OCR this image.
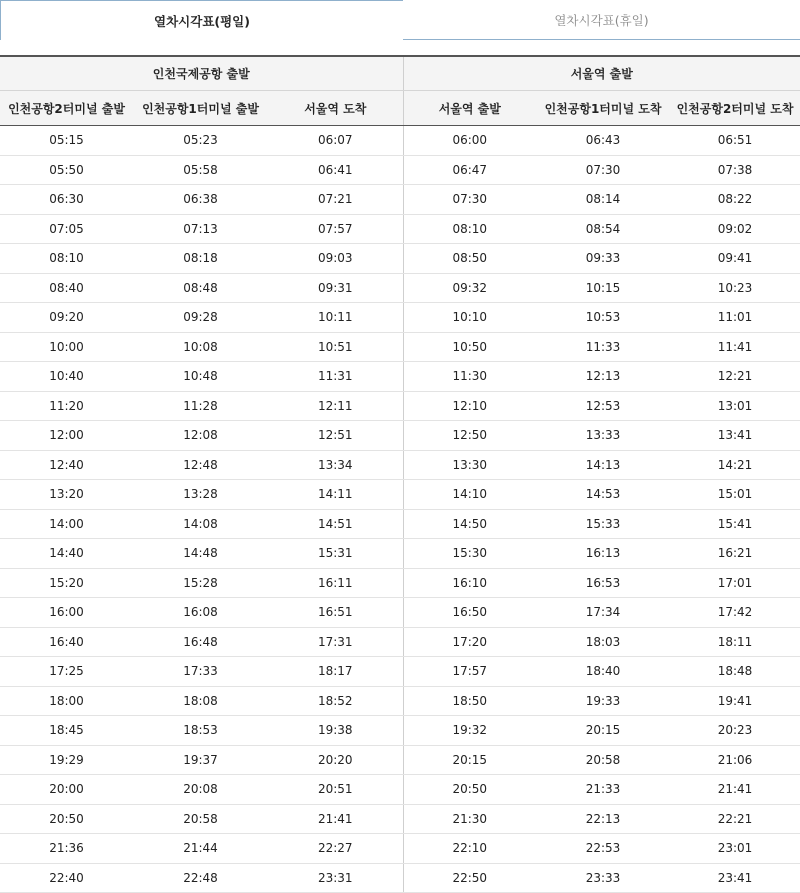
열차시각표(평일)	열차시각표(휴일)
인천국제공항 출발			서울역 출발		
인천공항2터미널 출발	인천공항1터미널 출발	서울역 도착	서울역 출발	인천공항1터미널 도착	인천공항2터미널 도착
05:15	05:23	06:07	06:00	06:43	06:51
05:50	05:58	06:41	06:47	07:30	07:38
06:30	06:38	07:21	07:30	08:14	08:22
07:05	07:13	07:57	08:10	08:54	09:02
08:10	08:18	09:03	08:50	09:33	09:41
08:40	08:48	09:31	09:32	10:15	10:23
09:20	09:28	10:11	10:10	10:53	11:01
10:00	10:08	10:51	10:50	11:33	11:41
10:40	10:48	11:31	11:30	12:13	12:21
11:20	11:28	12:11	12:10	12:53	13:01
12:00	12:08	12:51	12:50	13:33	13:41
12:40	12:48	13:34	13:30	14:13	14:21
13:20	13:28	14:11	14:10	14:53	15:01
14:00	14:08	14:51	14:50	15:33	15:41
14:40	14:48	15:31	15:30	16:13	16:21
15:20	15:28	16:11	16:10	16:53	17:01
16:00	16:08	16:51	16:50	17:34	17:42
16:40	16:48	17:31	17:20	18:03	18:11
17:25	17:33	18:17	17:57	18:40	18:48
18:00	18:08	18:52	18:50	19:33	19:41
18:45	18:53	19:38	19:32	20:15	20:23
19:29	19:37	20:20	20:15	20:58	21:06
20:00	20:08	20:51	20:50	21:33	21:41
20:50	20:58	21:41	21:30	22:13	22:21
21:36	21:44	22:27	22:10	22:53	23:01
22:40	22:48	23:31	22:50	23:33	23:41
